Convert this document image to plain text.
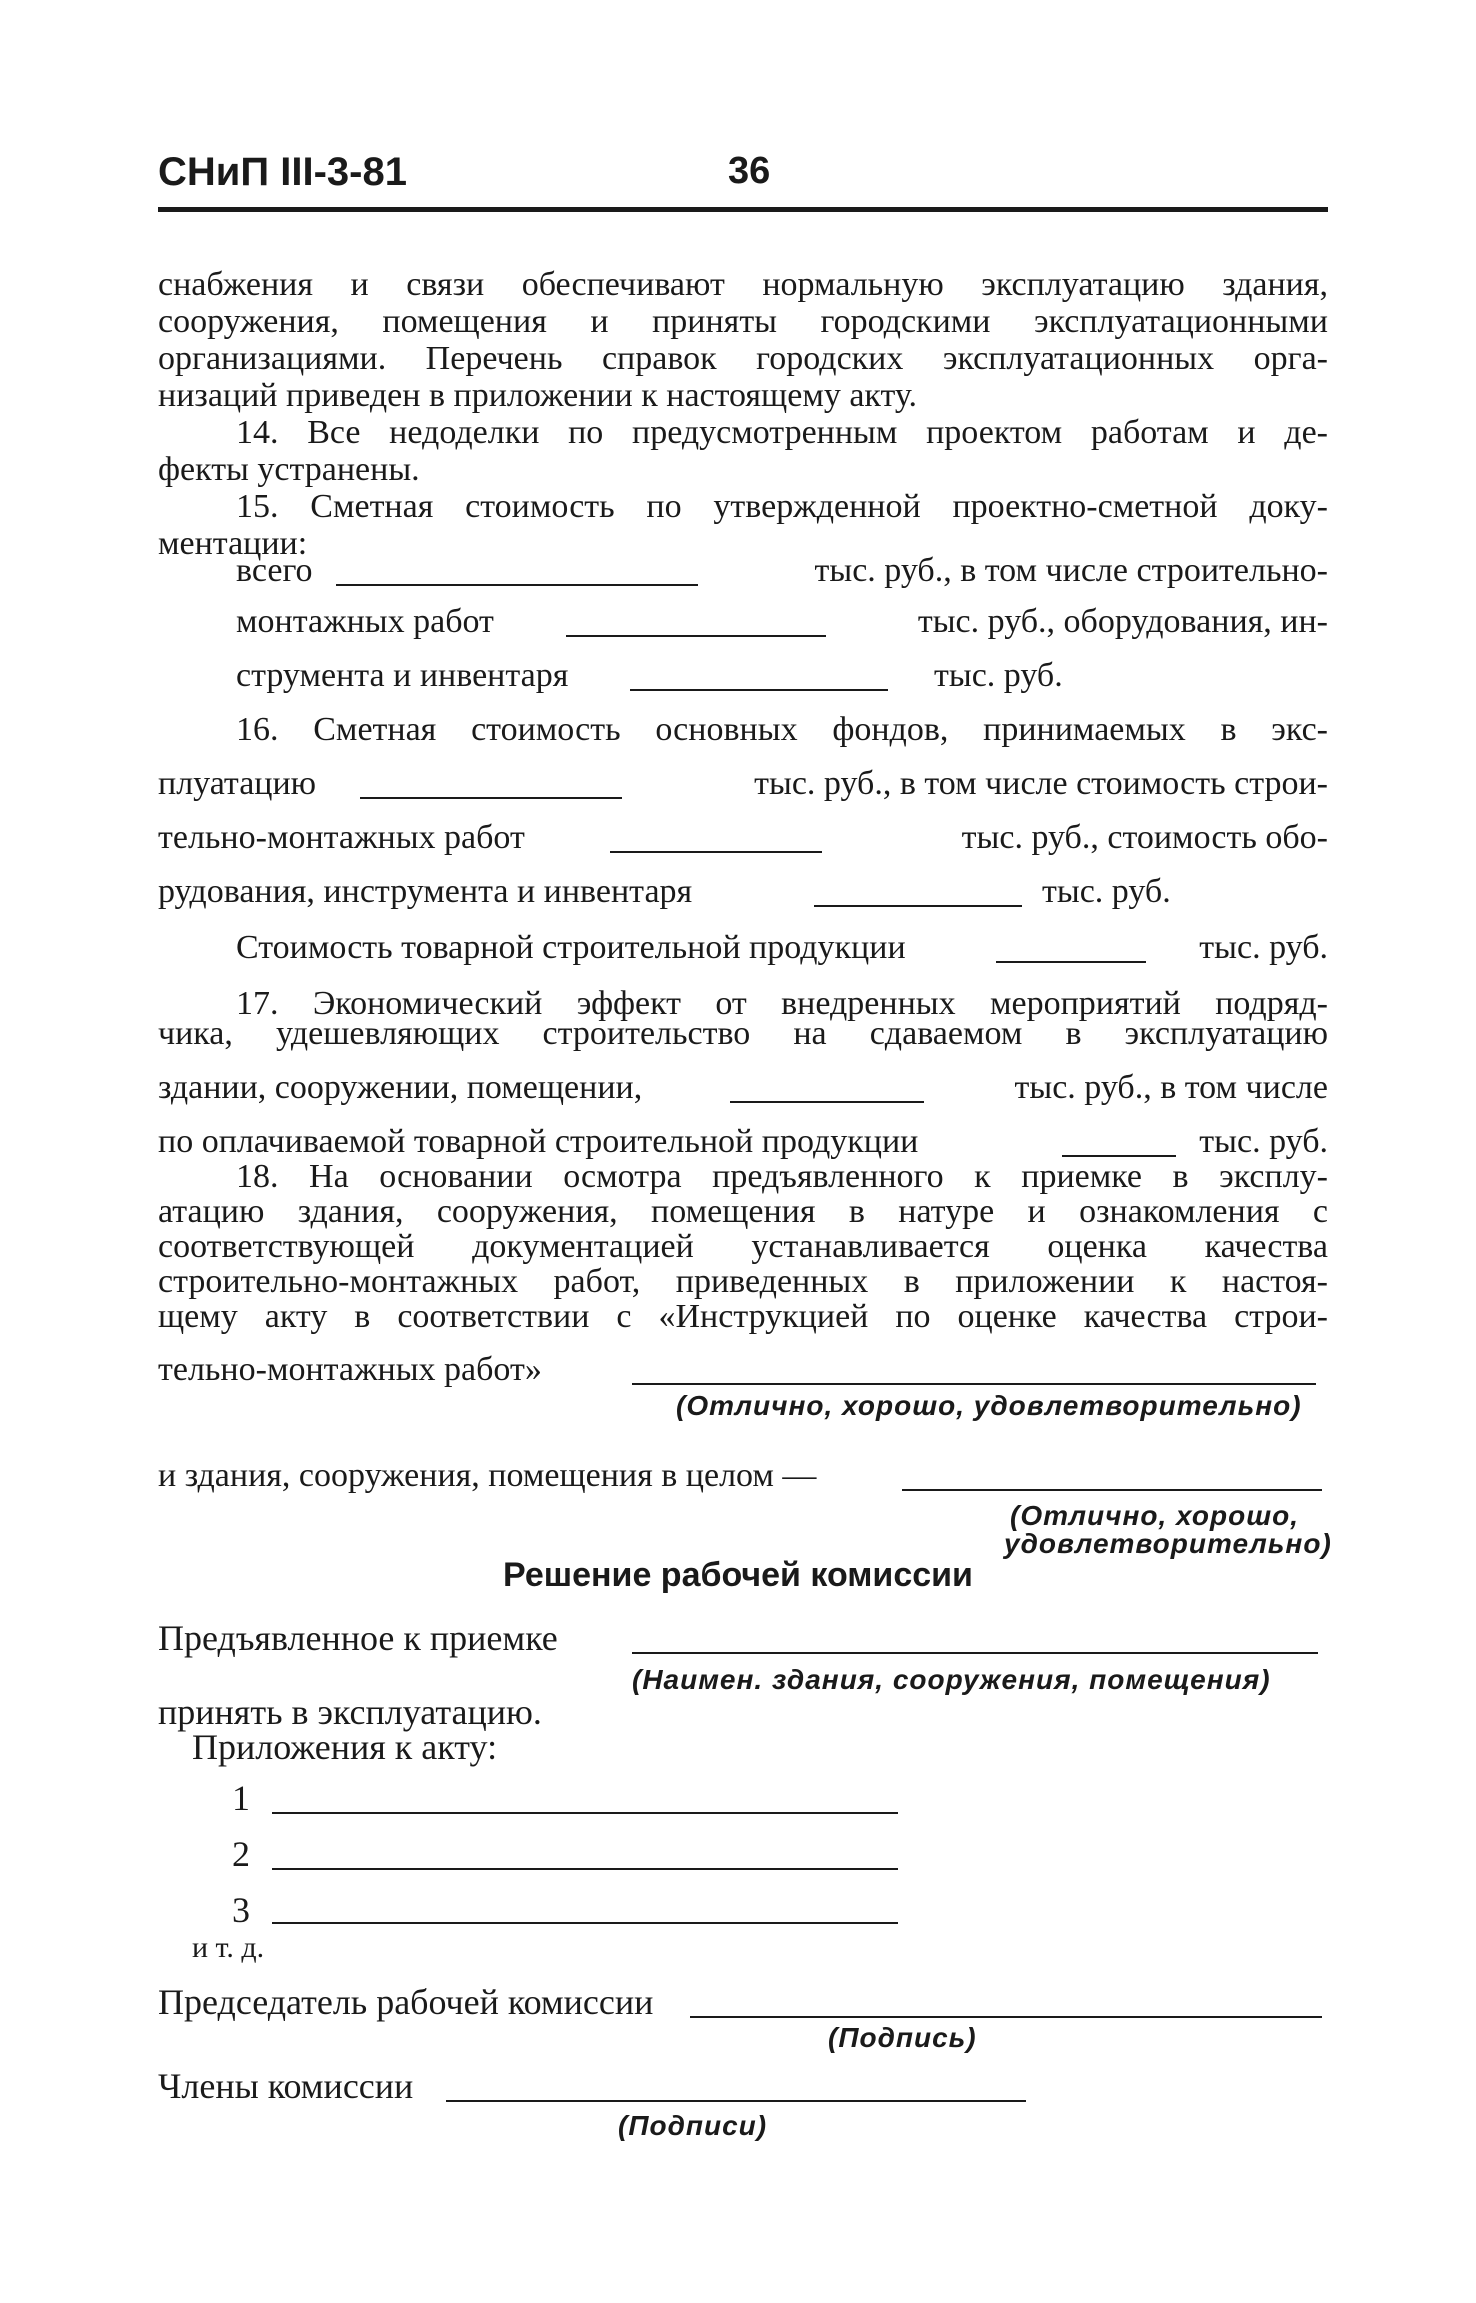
СНиП III-3-81	36
снабжения и связи обеспечивают нормальную эксплуатацию здания,
сооружения, помещения и приняты городскими эксплуатационными
организациями. Перечень справок городских эксплуатационных орга-
низаций приведен в приложении к настоящему акту.
14. Все недоделки по предусмотренным проектом работам и де-
фекты устранены.
15. Сметная стоимость по утвержденной проектно-сметной доку-
ментации:
всего	тыс. руб., в том числе строительно-
монтажных работ	тыс. руб., оборудования, ин-
струмента и инвентаря	тыс. руб.
16. Сметная стоимость основных фондов, принимаемых в экс-
плуатацию	тыс. руб., в том числе стоимость строи-
тельно-монтажных работ	тыс. руб., стоимость обо-
рудования, инструмента и инвентаря	тыс. руб.
Стоимость товарной строительной продукции	тыс. руб.
17. Экономический эффект от внедренных мероприятий подряд-
чика, удешевляющих строительство на сдаваемом в эксплуатацию
здании, сооружении, помещении,	тыс. руб., в том числе
по оплачиваемой товарной строительной продукции	тыс. руб.
18. На основании осмотра предъявленного к приемке в эксплу-
атацию здания, сооружения, помещения в натуре и ознакомления с
соответствующей документацией устанавливается оценка качества
строительно-монтажных работ, приведенных в приложении к настоя-
щему акту в соответствии с «Инструкцией по оценке качества строи-
тельно-монтажных работ»
(Отлично, хорошо, удовлетворительно)
и здания, сооружения, помещения в целом —
(Отлично, хорошо,
удовлетворительно)
Решение рабочей комиссии
Предъявленное к приемке
(Наимен. здания, сооружения, помещения)
принять в эксплуатацию.
Приложения к акту:
1
2
3
и т. д.
Председатель рабочей комиссии
(Подпись)
Члены комиссии
(Подписи)
